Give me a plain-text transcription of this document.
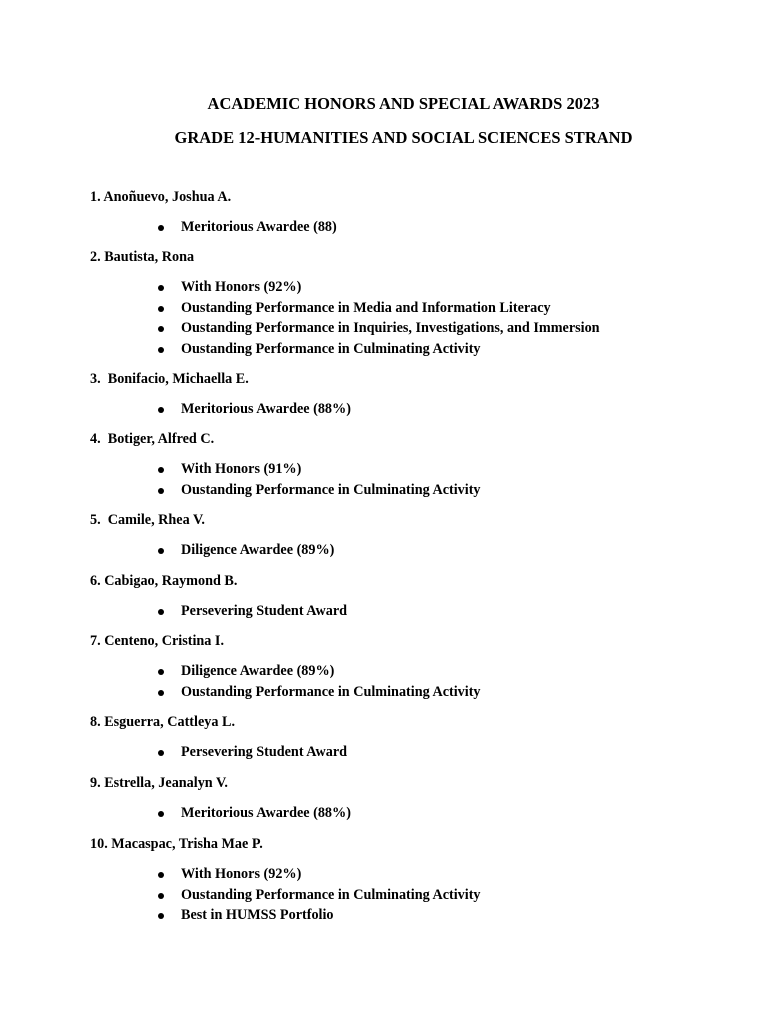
ACADEMIC HONORS AND SPECIAL AWARDS 2023
GRADE 12-HUMANITIES AND SOCIAL SCIENCES STRAND
1. Anoñuevo, Joshua A.
Meritorious Awardee (88)
2. Bautista, Rona
With Honors (92%)
Oustanding Performance in Media and Information Literacy
Oustanding Performance in Inquiries, Investigations, and Immersion
Oustanding Performance in Culminating Activity
3.  Bonifacio, Michaella E.
Meritorious Awardee (88%)
4.  Botiger, Alfred C.
With Honors (91%)
Oustanding Performance in Culminating Activity
5.  Camile, Rhea V.
Diligence Awardee (89%)
6. Cabigao, Raymond B.
Persevering Student Award
7. Centeno, Cristina I.
Diligence Awardee (89%)
Oustanding Performance in Culminating Activity
8. Esguerra, Cattleya L.
Persevering Student Award
9. Estrella, Jeanalyn V.
Meritorious Awardee (88%)
10. Macaspac, Trisha Mae P.
With Honors (92%)
Oustanding Performance in Culminating Activity
Best in HUMSS Portfolio
